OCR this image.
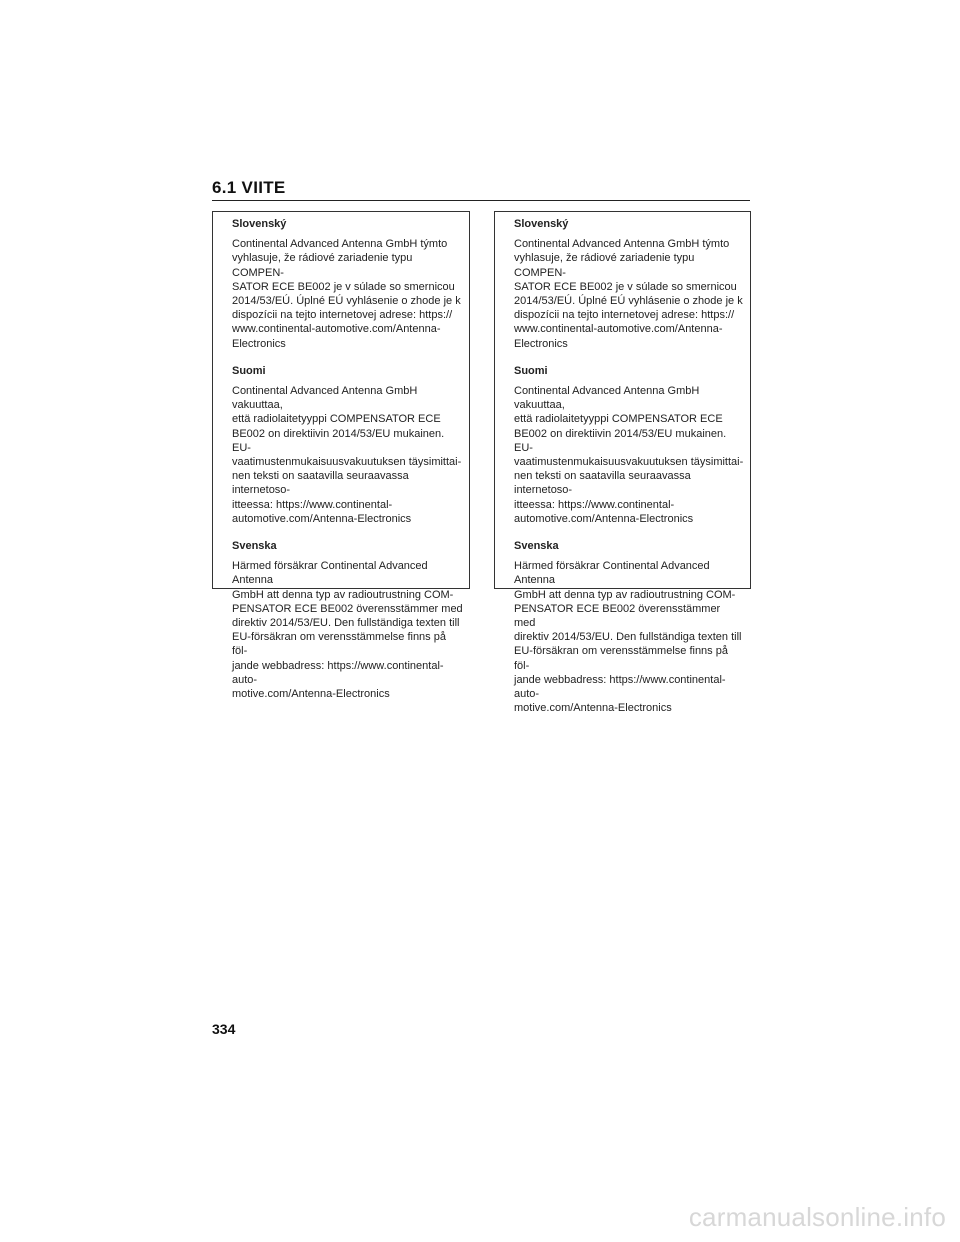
6.1 VIITE
Slovenský
Continental Advanced Antenna GmbH týmto
vyhlasuje, že rádiové zariadenie typu COMPEN-
SATOR ECE BE002 je v súlade so smernicou
2014/53/EÚ. Úplné EÚ vyhlásenie o zhode je k
dispozícii na tejto internetovej adrese: https://
www.continental-automotive.com/Antenna-
Electronics
Suomi
Continental Advanced Antenna GmbH vakuuttaa,
että radiolaitetyyppi COMPENSATOR ECE
BE002 on direktiivin 2014/53/EU mukainen. EU-
vaatimustenmukaisuusvakuutuksen täysimittai-
nen teksti on saatavilla seuraavassa internetoso-
itteessa: https://www.continental-
automotive.com/Antenna-Electronics
Svenska
Härmed försäkrar Continental Advanced Antenna
GmbH att denna typ av radioutrustning COM-
PENSATOR ECE BE002 överensstämmer med
direktiv 2014/53/EU. Den fullständiga texten till
EU-försäkran om verensstämmelse finns på föl-
jande webbadress: https://www.continental-auto-
motive.com/Antenna-Electronics
Slovenský
Continental Advanced Antenna GmbH týmto
vyhlasuje, že rádiové zariadenie typu COMPEN-
SATOR ECE BE002 je v súlade so smernicou
2014/53/EÚ. Úplné EÚ vyhlásenie o zhode je k
dispozícii na tejto internetovej adrese: https://
www.continental-automotive.com/Antenna-
Electronics
Suomi
Continental Advanced Antenna GmbH vakuuttaa,
että radiolaitetyyppi COMPENSATOR ECE
BE002 on direktiivin 2014/53/EU mukainen. EU-
vaatimustenmukaisuusvakuutuksen täysimittai-
nen teksti on saatavilla seuraavassa internetoso-
itteessa: https://www.continental-
automotive.com/Antenna-Electronics
Svenska
Härmed försäkrar Continental Advanced Antenna
GmbH att denna typ av radioutrustning COM-
PENSATOR ECE BE002 överensstämmer med
direktiv 2014/53/EU. Den fullständiga texten till
EU-försäkran om verensstämmelse finns på föl-
jande webbadress: https://www.continental-auto-
motive.com/Antenna-Electronics
334
carmanualsonline.info
